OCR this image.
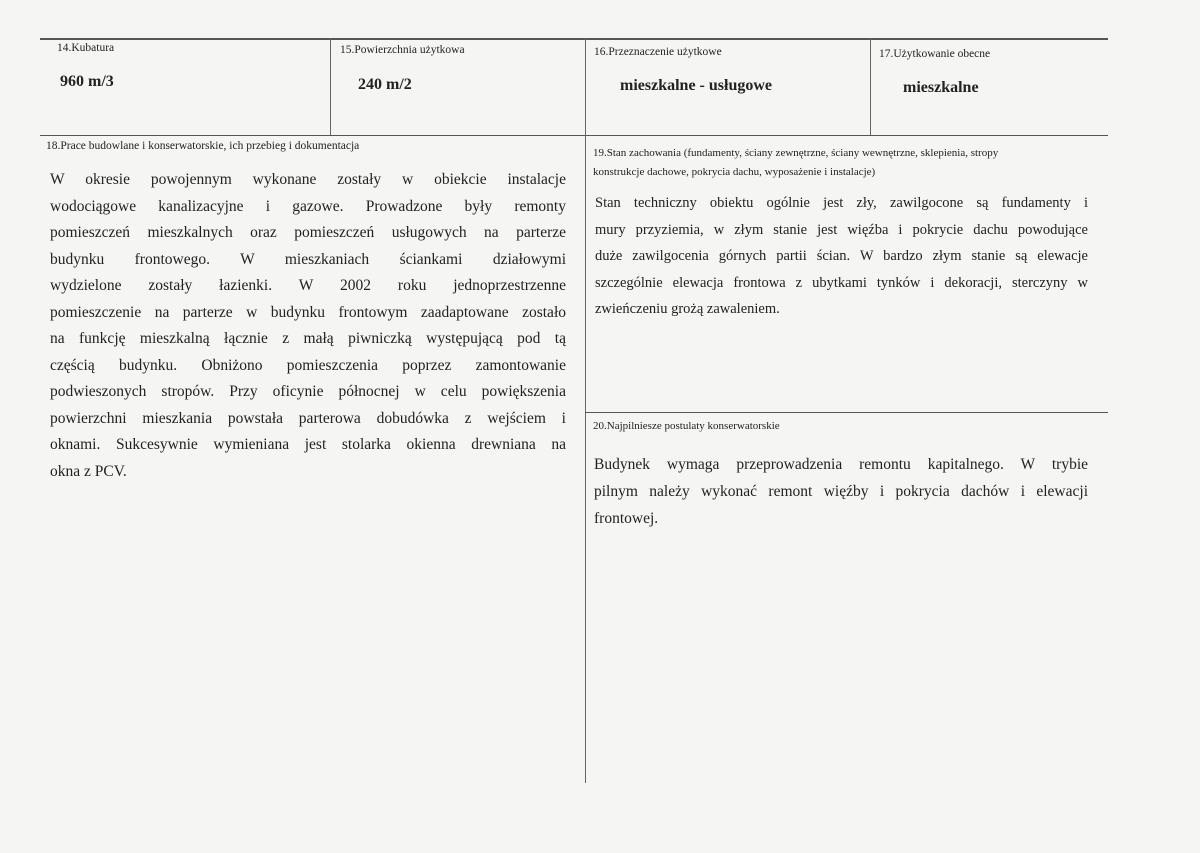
14.Kubatura
960 m/3
15.Powierzchnia użytkowa
240 m/2
16.Przeznaczenie użytkowe
mieszkalne - usługowe
17.Użytkowanie obecne
mieszkalne
18.Prace budowlane i konserwatorskie, ich przebieg i dokumentacja
W okresie powojennym wykonane zostały w obiekcie instalacje
wodociągowe kanalizacyjne i gazowe. Prowadzone były remonty
pomieszczeń mieszkalnych oraz pomieszczeń usługowych na parterze
budynku frontowego. W mieszkaniach ściankami działowymi
wydzielone zostały łazienki. W 2002 roku jednoprzestrzenne
pomieszczenie na parterze w budynku frontowym zaadaptowane zostało
na funkcję mieszkalną łącznie z małą piwniczką występującą pod tą
częścią budynku. Obniżono pomieszczenia poprzez zamontowanie
podwieszonych stropów. Przy oficynie północnej w celu powiększenia
powierzchni mieszkania powstała parterowa dobudówka z wejściem i
oknami. Sukcesywnie wymieniana jest stolarka okienna drewniana na
okna z PCV.
19.Stan zachowania (fundamenty, ściany zewnętrzne, ściany wewnętrzne, sklepienia, stropy
konstrukcje dachowe, pokrycia dachu, wyposażenie i instalacje)
Stan techniczny obiektu ogólnie jest zły, zawilgocone są fundamenty i
mury przyziemia, w złym stanie jest więźba i pokrycie dachu powodujące
duże zawilgocenia górnych partii ścian. W bardzo złym stanie są elewacje
szczególnie elewacja frontowa z ubytkami tynków i dekoracji, sterczyny w
zwieńczeniu grożą zawaleniem.
20.Najpilniesze postulaty konserwatorskie
Budynek wymaga przeprowadzenia remontu kapitalnego. W trybie
pilnym należy wykonać remont więźby i pokrycia dachów i elewacji
frontowej.
